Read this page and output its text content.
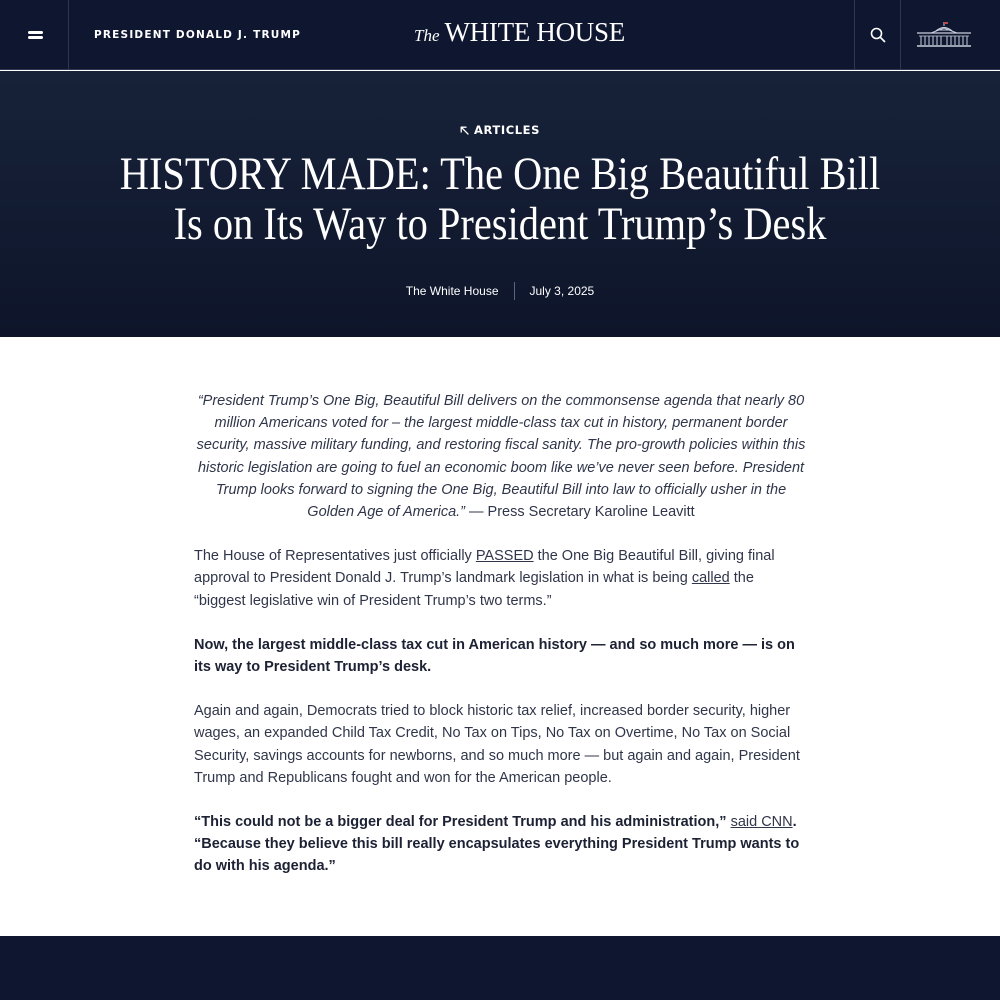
PRESIDENT DONALD J. TRUMP	The WHITE HOUSE
ARTICLES
HISTORY MADE: The One Big Beautiful Bill
Is on Its Way to President Trump’s Desk
The White House	July 3, 2025

“President Trump’s One Big, Beautiful Bill delivers on the commonsense agenda that nearly 80 million Americans voted for – the largest middle-class tax cut in history, permanent border security, massive military funding, and restoring fiscal sanity. The pro-growth policies within this historic legislation are going to fuel an economic boom like we’ve never seen before. President Trump looks forward to signing the One Big, Beautiful Bill into law to officially usher in the Golden Age of America.” — Press Secretary Karoline Leavitt

The House of Representatives just officially PASSED the One Big Beautiful Bill, giving final approval to President Donald J. Trump’s landmark legislation in what is being called the “biggest legislative win of President Trump’s two terms.”

Now, the largest middle-class tax cut in American history — and so much more — is on its way to President Trump’s desk.

Again and again, Democrats tried to block historic tax relief, increased border security, higher wages, an expanded Child Tax Credit, No Tax on Tips, No Tax on Overtime, No Tax on Social Security, savings accounts for newborns, and so much more — but again and again, President Trump and Republicans fought and won for the American people.

“This could not be a bigger deal for President Trump and his administration,” said CNN.
“Because they believe this bill really encapsulates everything President Trump wants to do with his agenda.”
